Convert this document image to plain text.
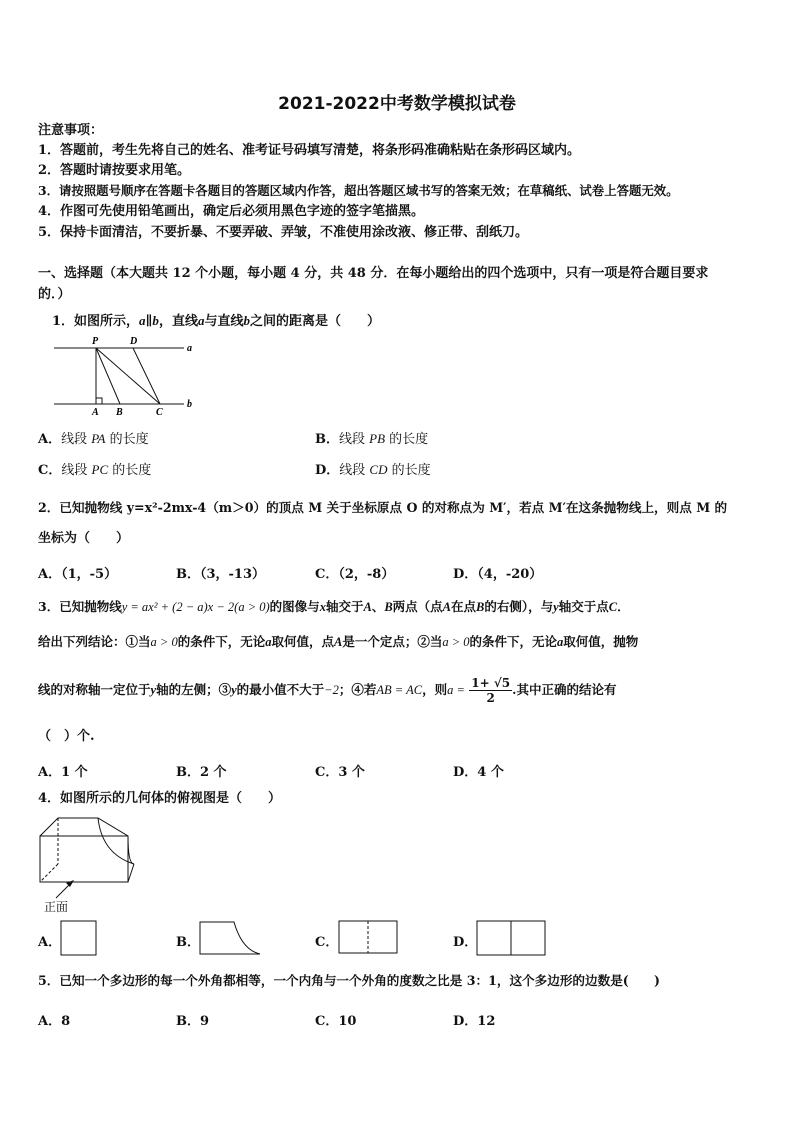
2021-2022中考数学模拟试卷
注意事项：
1．答题前，考生先将自己的姓名、准考证号码填写清楚，将条形码准确粘贴在条形码区域内。
2．答题时请按要求用笔。
3．请按照题号顺序在答题卡各题目的答题区域内作答，超出答题区域书写的答案无效；在草稿纸、试卷上答题无效。
4．作图可先使用铅笔画出，确定后必须用黑色字迹的签字笔描黑。
5．保持卡面清洁，不要折暴、不要弄破、弄皱，不准使用涂改液、修正带、刮纸刀。
一、选择题（本大题共 12 个小题，每小题 4 分，共 48 分．在每小题给出的四个选项中，只有一项是符合题目要求
的．）
1．如图所示，a∥b，直线a与直线b之间的距离是（　　）
P	D
a
A B	C
b
A．线段 PA 的长度	B．线段 PB 的长度
C．线段 PC 的长度	D．线段 CD 的长度
2．已知抛物线 y=x²-2mx-4（m＞0）的顶点 M 关于坐标原点 O 的对称点为 M′，若点 M′在这条抛物线上，则点 M 的
坐标为（　　）
A．（1，-5）	B．（3，-13）	C．（2，-8）	D．（4，-20）
3．已知抛物线y = ax² + (2 − a)x − 2(a > 0)的图像与x轴交于A、B两点（点A在点B的右侧），与y轴交于点C．
给出下列结论：①当a > 0的条件下，无论a取何值，点A是一个定点；②当a > 0的条件下，无论a取何值，抛物
线的对称轴一定位于y轴的左侧；③y的最小值不大于−2；④若AB = AC，则$a = \frac{1+ √5}{2}$ .其中正确的结论有
（　）个.
A．1 个	B．2 个	C．3 个	D．4 个
4．如图所示的几何体的俯视图是（　　）
正面
A．	B．	C．	D．
5．已知一个多边形的每一个外角都相等，一个内角与一个外角的度数之比是 3：1，这个多边形的边数是(　　)
A．8	B．9	C．10	D．12
